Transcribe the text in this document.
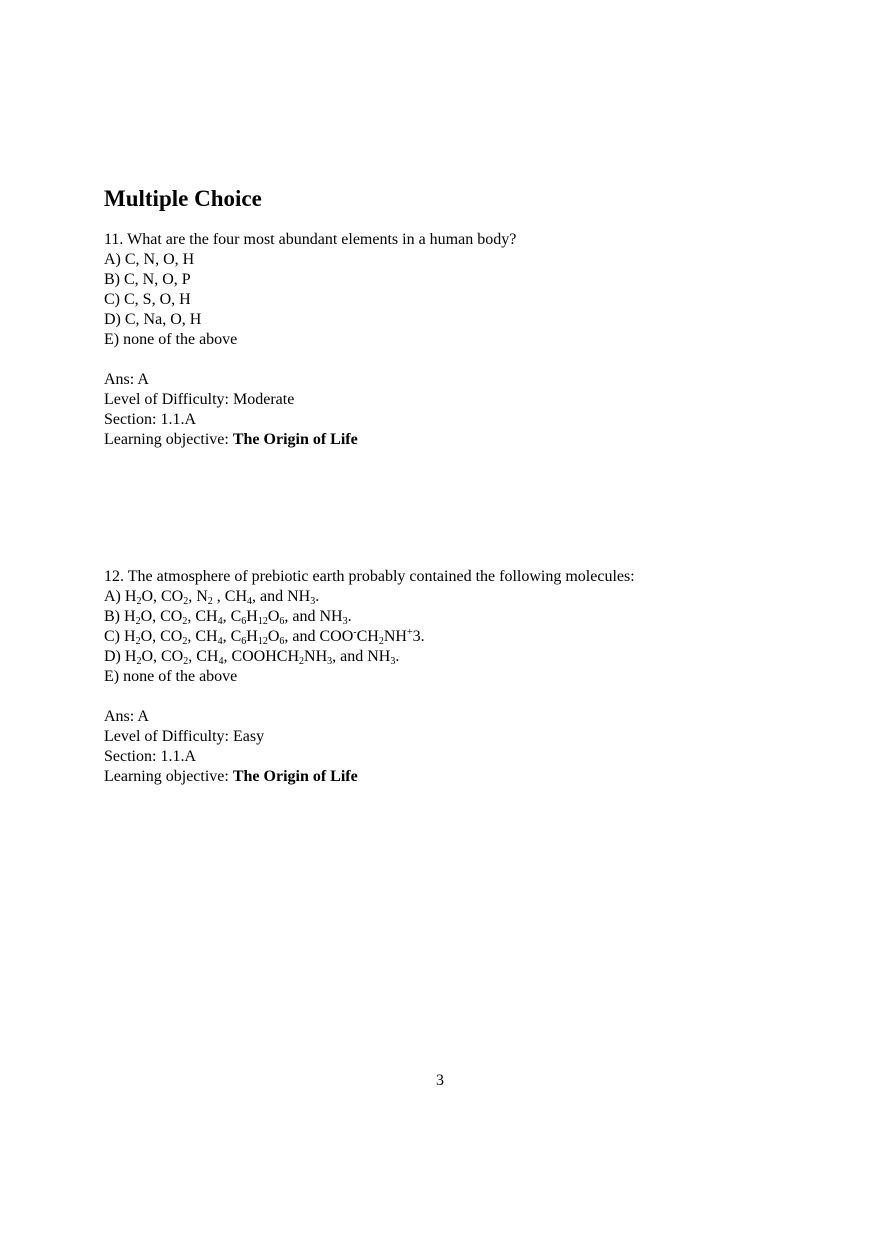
Multiple Choice
11. What are the four most abundant elements in a human body?
A) C, N, O, H
B) C, N, O, P
C) C, S, O, H
D) C, Na, O, H
E) none of the above
Ans: A
Level of Difficulty: Moderate
Section: 1.1.A
Learning objective: The Origin of Life
12. The atmosphere of prebiotic earth probably contained the following molecules:
A) $H_2O$, $CO_2$, $N_2$ , $CH_4$, and $NH_3$.
B) $H_2O$, $CO_2$, $CH_4$, $C_6H_{12}O_6$, and $NH_3$.
C) $H_2O$, $CO_2$, $CH_4$, $C_6H_{12}O_6$, and $COO^-CH_2NH^+3$.
D) $H_2O$, $CO_2$, $CH_4$, $COOHCH_2NH_3$, and $NH_3$.
E) none of the above
Ans: A
Level of Difficulty: Easy
Section: 1.1.A
Learning objective: The Origin of Life
3
